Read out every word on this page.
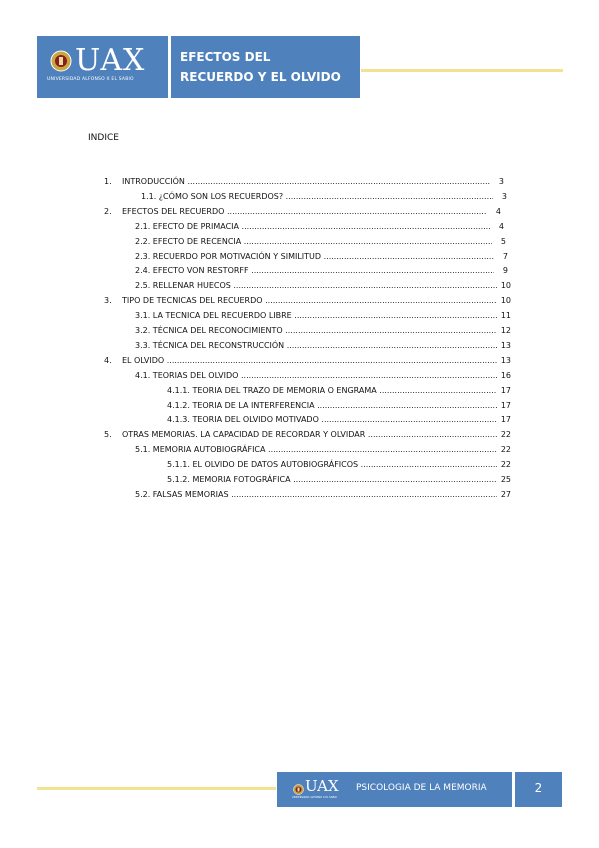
UAX
UNIVERSIDAD ALFONSO X EL SABIO
EFECTOS DEL
RECUERDO Y EL OLVIDO
INDICE
1. INTRODUCCIÓN .....	3
1.1. ¿CÓMO SON LOS RECUERDOS? .....	3
2. EFECTOS DEL RECUERDO .....	4
2.1. EFECTO DE PRIMACIA .....	4
2.2. EFECTO DE RECENCIA .....	5
2.3. RECUERDO POR MOTIVACIÓN Y SIMILITUD .....	7
2.4. EFECTO VON RESTORFF .....	9
2.5. RELLENAR HUECOS .....	10
3. TIPO DE TECNICAS DEL RECUERDO .....	10
3.1. LA TECNICA DEL RECUERDO LIBRE .....	11
3.2. TÉCNICA DEL RECONOCIMIENTO .....	12
3.3. TÉCNICA DEL RECONSTRUCCIÓN .....	13
4. EL OLVIDO .....	13
4.1. TEORIAS DEL OLVIDO .....	16
4.1.1. TEORIA DEL TRAZO DE MEMORIA O ENGRAMA .....	17
4.1.2. TEORIA DE LA INTERFERENCIA .....	17
4.1.3. TEORIA DEL OLVIDO MOTIVADO .....	17
5. OTRAS MEMORIAS. LA CAPACIDAD DE RECORDAR Y OLVIDAR .....	22
5.1. MEMORIA AUTOBIOGRÁFICA .....	22
5.1.1. EL OLVIDO DE DATOS AUTOBIOGRÁFICOS .....	22
5.1.2. MEMORIA FOTOGRÁFICA .....	25
5.2. FALSAS MEMORIAS .....	27
UAX
UNIVERSIDAD ALFONSO X EL SABIO
PSICOLOGIA DE LA MEMORIA	2
